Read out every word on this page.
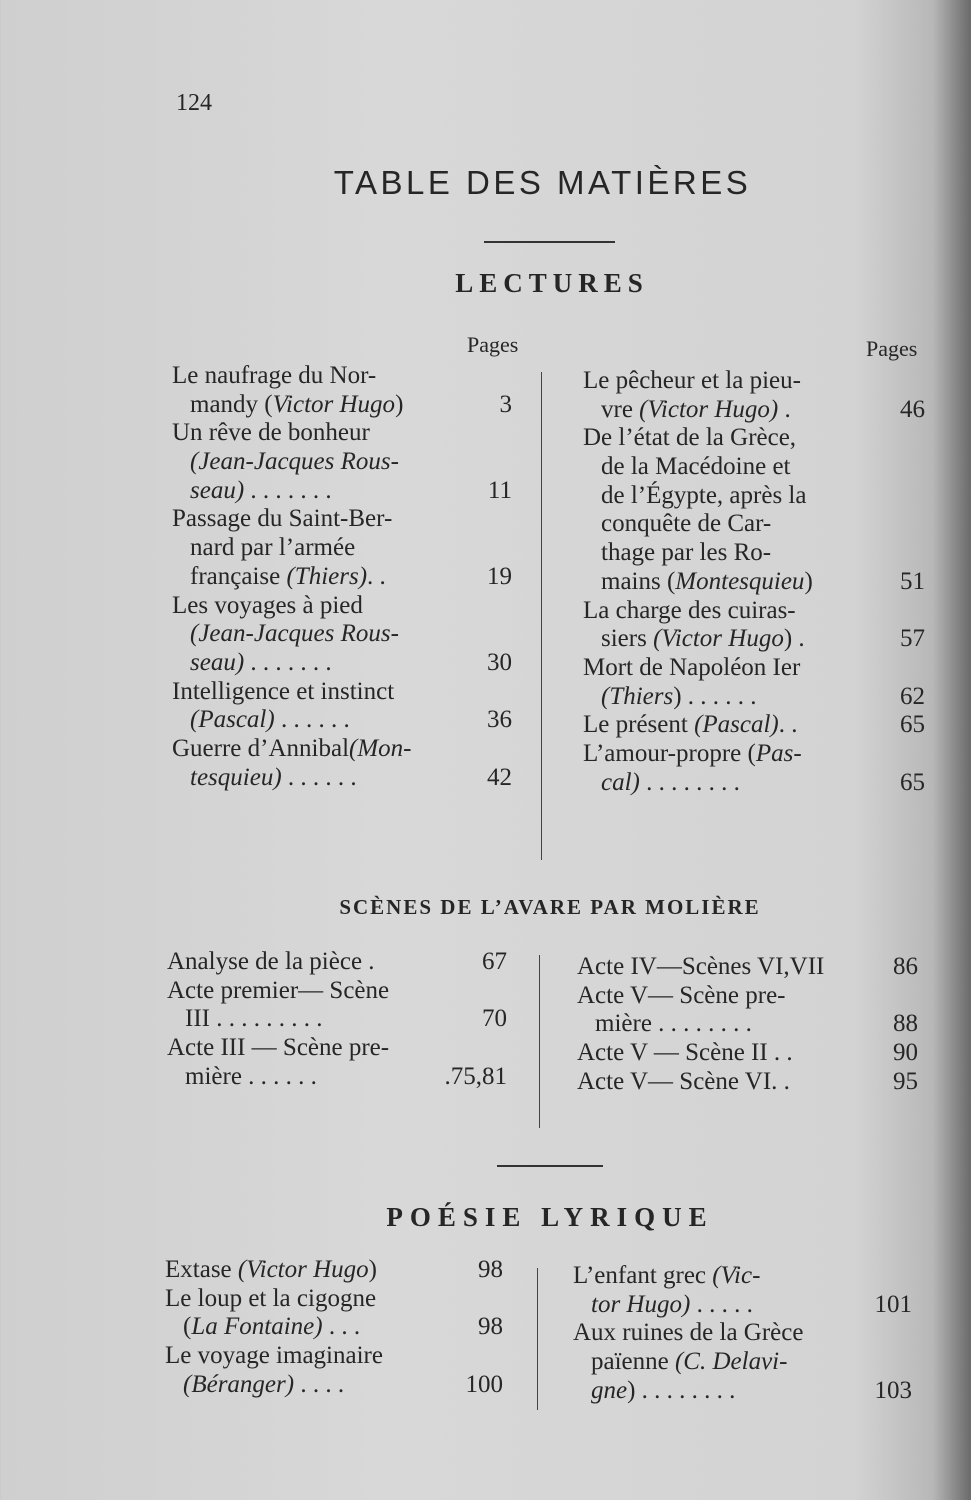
124
TABLE DES MATIÈRES
LECTURES
Pages	Pages
Le naufrage du Nor-
mandy (Victor Hugo)	3
Un rêve de bonheur
(Jean-Jacques Rous-
seau) . . . . . . .	11
Passage du Saint-Ber-
nard par l’armée
française (Thiers). .	19
Les voyages à pied
(Jean-Jacques Rous-
seau) . . . . . . .	30
Intelligence et instinct
(Pascal) . . . . . .	36
Guerre d’Annibal(Mon-
tesquieu) . . . . . .	42
Le pêcheur et la pieu-
vre (Victor Hugo) .	46
De l’état de la Grèce,
de la Macédoine et
de l’Égypte, après la
conquête de Car-
thage par les Ro-
mains (Montesquieu)	51
La charge des cuiras-
siers (Victor Hugo) .	57
Mort de Napoléon Ier
(Thiers) . . . . . .	62
Le présent (Pascal). .	65
L’amour-propre (Pas-
cal) . . . . . . . .	65
SCÈNES DE L’AVARE PAR MOLIÈRE
Analyse de la pièce .	67
Acte premier— Scène
III . . . . . . . . .	70
Acte III — Scène pre-
mière . . . . . .	.75,81
Acte IV—Scènes VI,VII	86
Acte V— Scène pre-
mière . . . . . . . .	88
Acte V — Scène II . .	90
Acte V— Scène VI. .	95
POÉSIE LYRIQUE
Extase (Victor Hugo)	98
Le loup et la cigogne
(La Fontaine) . . .	98
Le voyage imaginaire
(Béranger) . . . .	100
L’enfant grec (Vic-
tor Hugo) . . . . .	101
Aux ruines de la Grèce
païenne (C. Delavi-
gne) . . . . . . . .	103
